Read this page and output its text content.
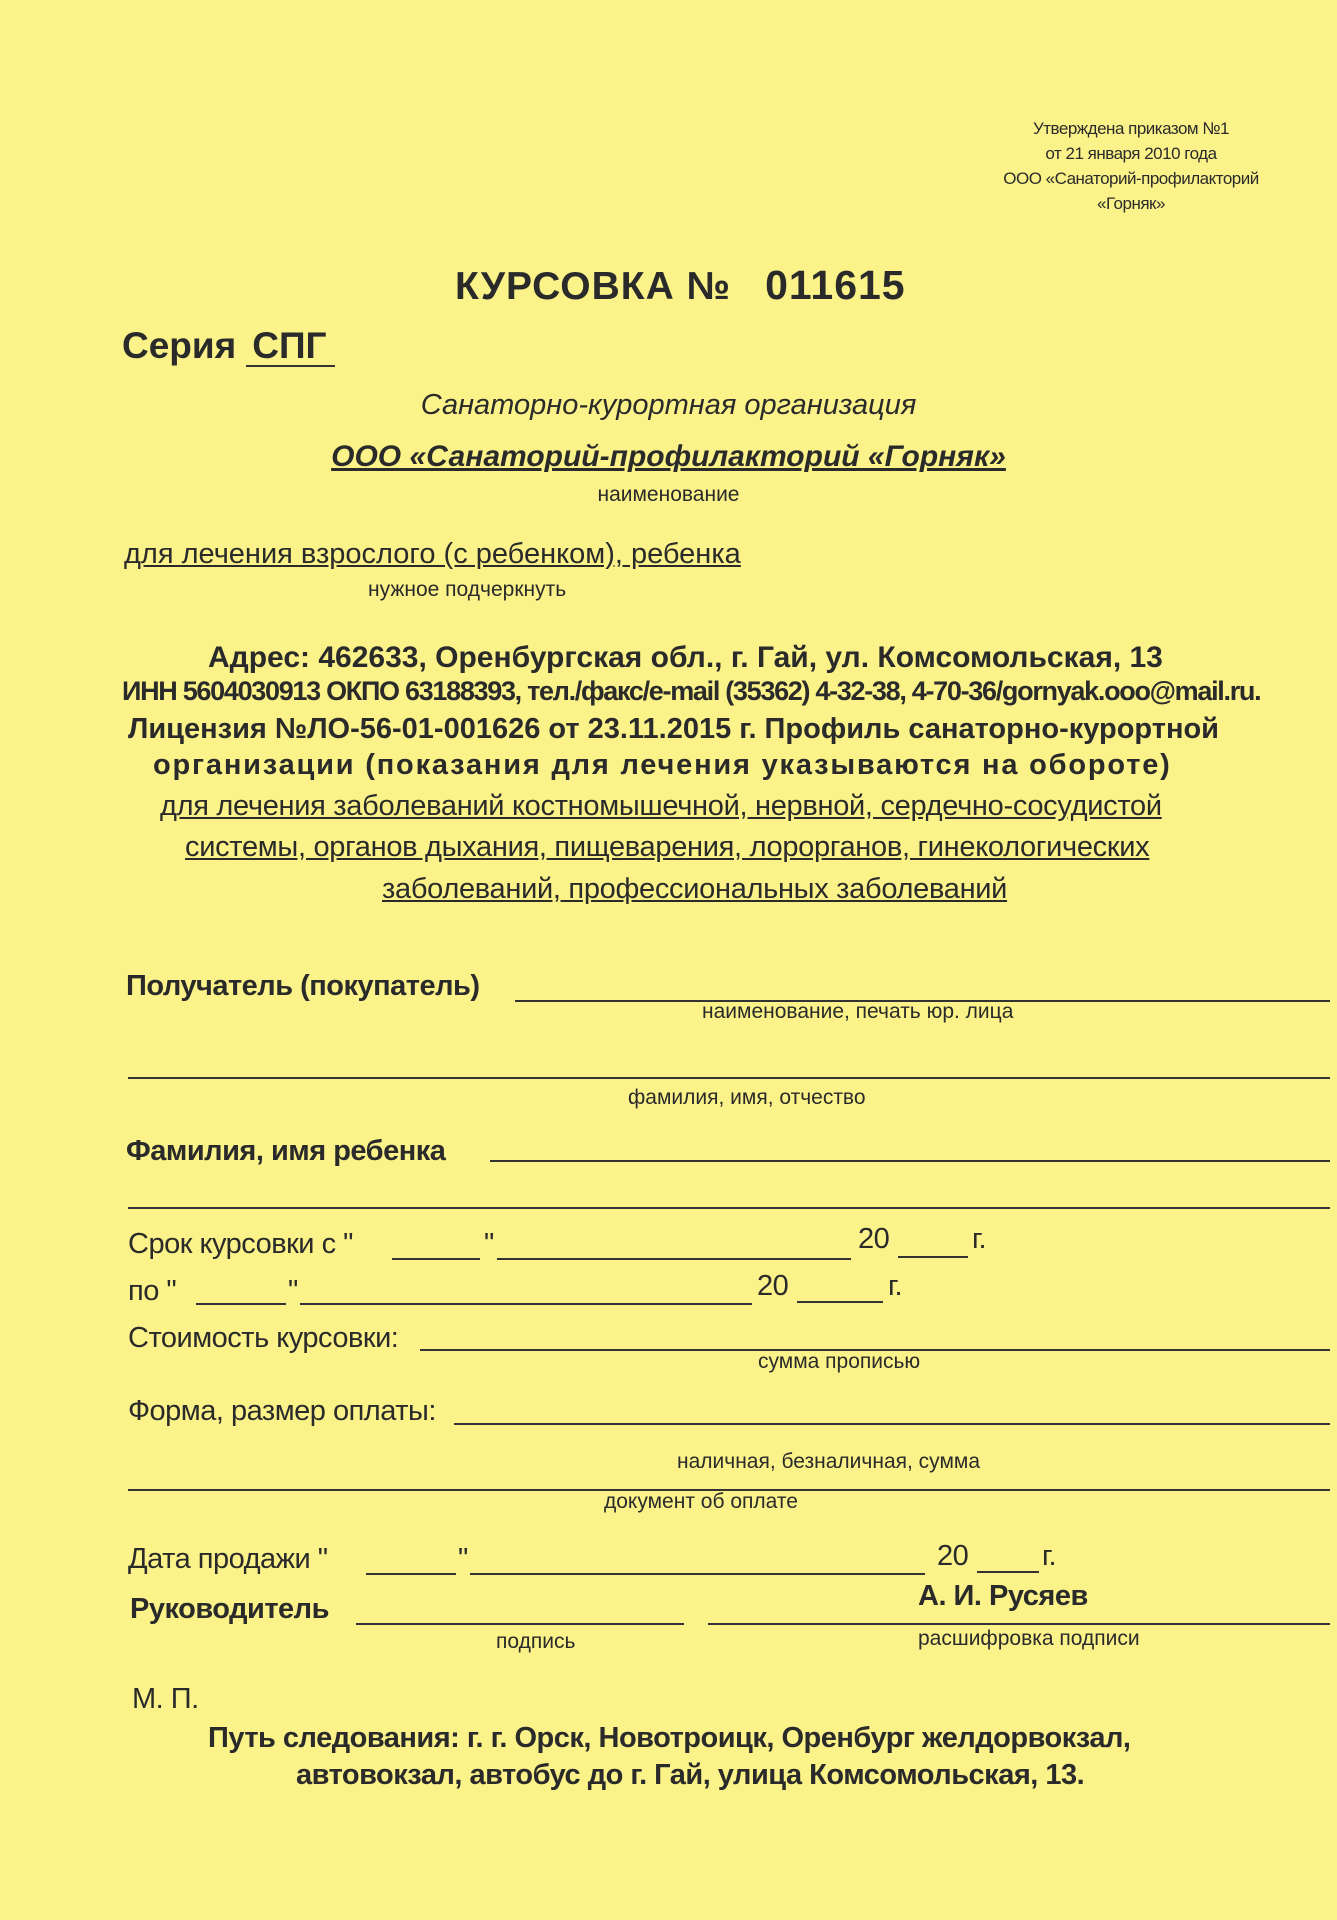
Утверждена приказом №1
от 21 января 2010 года
ООО «Санаторий-профилакторий
«Горняк»
КУРСОВКА № 011615
Серия СПГ
Санаторно-курортная организация
ООО «Санаторий-профилакторий «Горняк»
наименование
для лечения взрослого (с ребенком), ребенка
нужное подчеркнуть
Адрес: 462633, Оренбургская обл., г. Гай, ул. Комсомольская, 13
ИНН 5604030913 ОКПО 63188393, тел./факс/e-mail (35362) 4-32-38, 4-70-36/gornyak.ooo@mail.ru.
Лицензия №ЛО-56-01-001626 от 23.11.2015 г. Профиль санаторно-курортной
организации (показания для лечения указываются на обороте)
для лечения заболеваний костномышечной, нервной, сердечно-сосудистой
системы, органов дыхания, пищеварения, лорорганов, гинекологических
заболеваний, профессиональных заболеваний
Получатель (покупатель)
наименование, печать юр. лица
фамилия, имя, отчество
Фамилия, имя ребенка
Срок курсовки с "	"	20	г.
по "	"	20	г.
Стоимость курсовки:
сумма прописью
Форма, размер оплаты:
наличная, безналичная, сумма
документ об оплате
Дата продажи "	"	20	г.
Руководитель	А. И. Русяев
подпись	расшифровка подписи
М. П.
Путь следования: г. г. Орск, Новотроицк, Оренбург желдорвокзал,
автовокзал, автобус до г. Гай, улица Комсомольская, 13.
